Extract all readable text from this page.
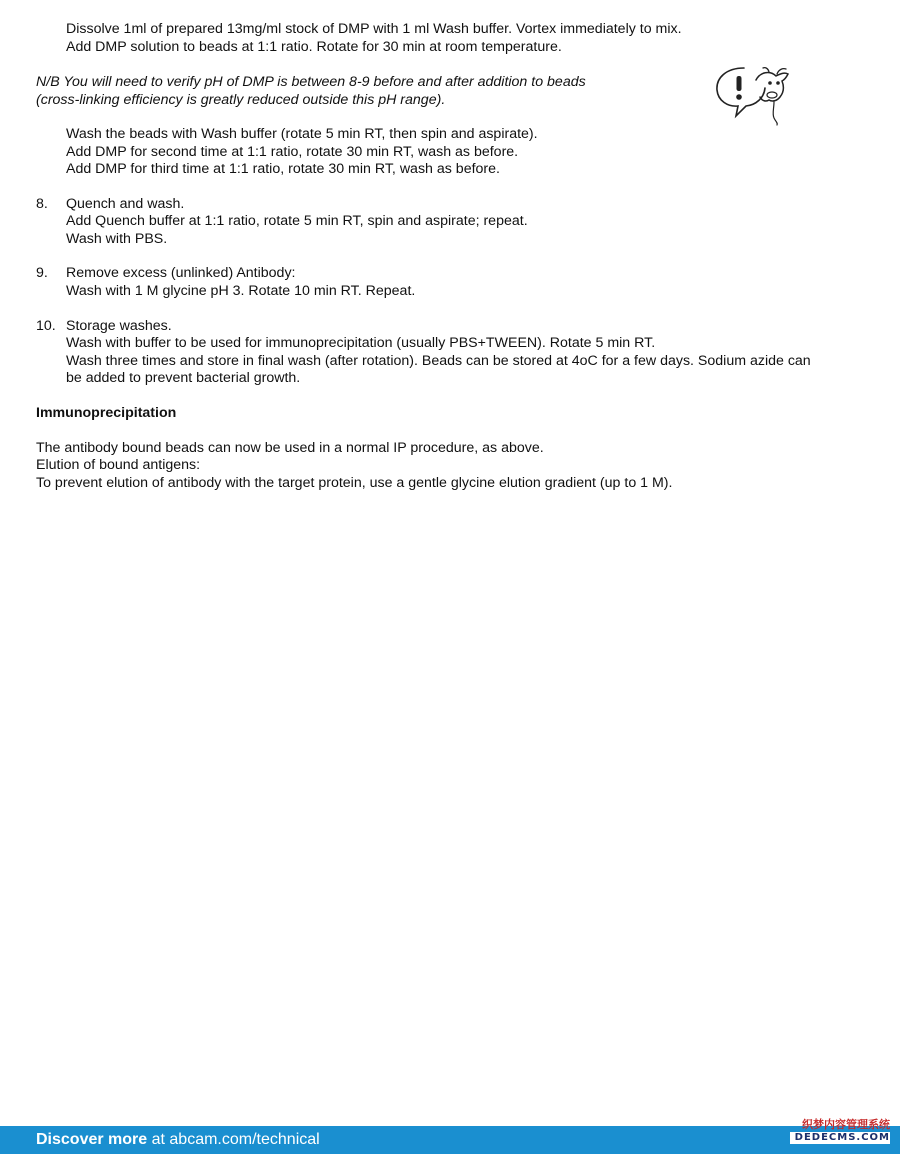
Dissolve 1ml of prepared 13mg/ml stock of DMP with 1 ml Wash buffer. Vortex immediately to mix.
Add DMP solution to beads at 1:1 ratio. Rotate for 30 min at room temperature.
N/B You will need to verify pH of DMP is between 8-9 before and after addition to beads
(cross-linking efficiency is greatly reduced outside this pH range).
Wash the beads with Wash buffer (rotate 5 min RT, then spin and aspirate).
Add DMP for second time at 1:1 ratio, rotate 30 min RT, wash as before.
Add DMP for third time at 1:1 ratio, rotate 30 min RT, wash as before.
8. Quench and wash.
Add Quench buffer at 1:1 ratio, rotate 5 min RT, spin and aspirate; repeat.
Wash with PBS.
9. Remove excess (unlinked) Antibody:
Wash with 1 M glycine pH 3. Rotate 10 min RT. Repeat.
10. Storage washes.
Wash with buffer to be used for immunoprecipitation (usually PBS+TWEEN). Rotate 5 min RT.
Wash three times and store in final wash (after rotation). Beads can be stored at 4oC for a few days. Sodium azide can
be added to prevent bacterial growth.
Immunoprecipitation
The antibody bound beads can now be used in a normal IP procedure, as above.
Elution of bound antigens:
To prevent elution of antibody with the target protein, use a gentle glycine elution gradient (up to 1 M).
Discover more at abcam.com/technical
织梦内容管理系统
DEDECMS.COM
